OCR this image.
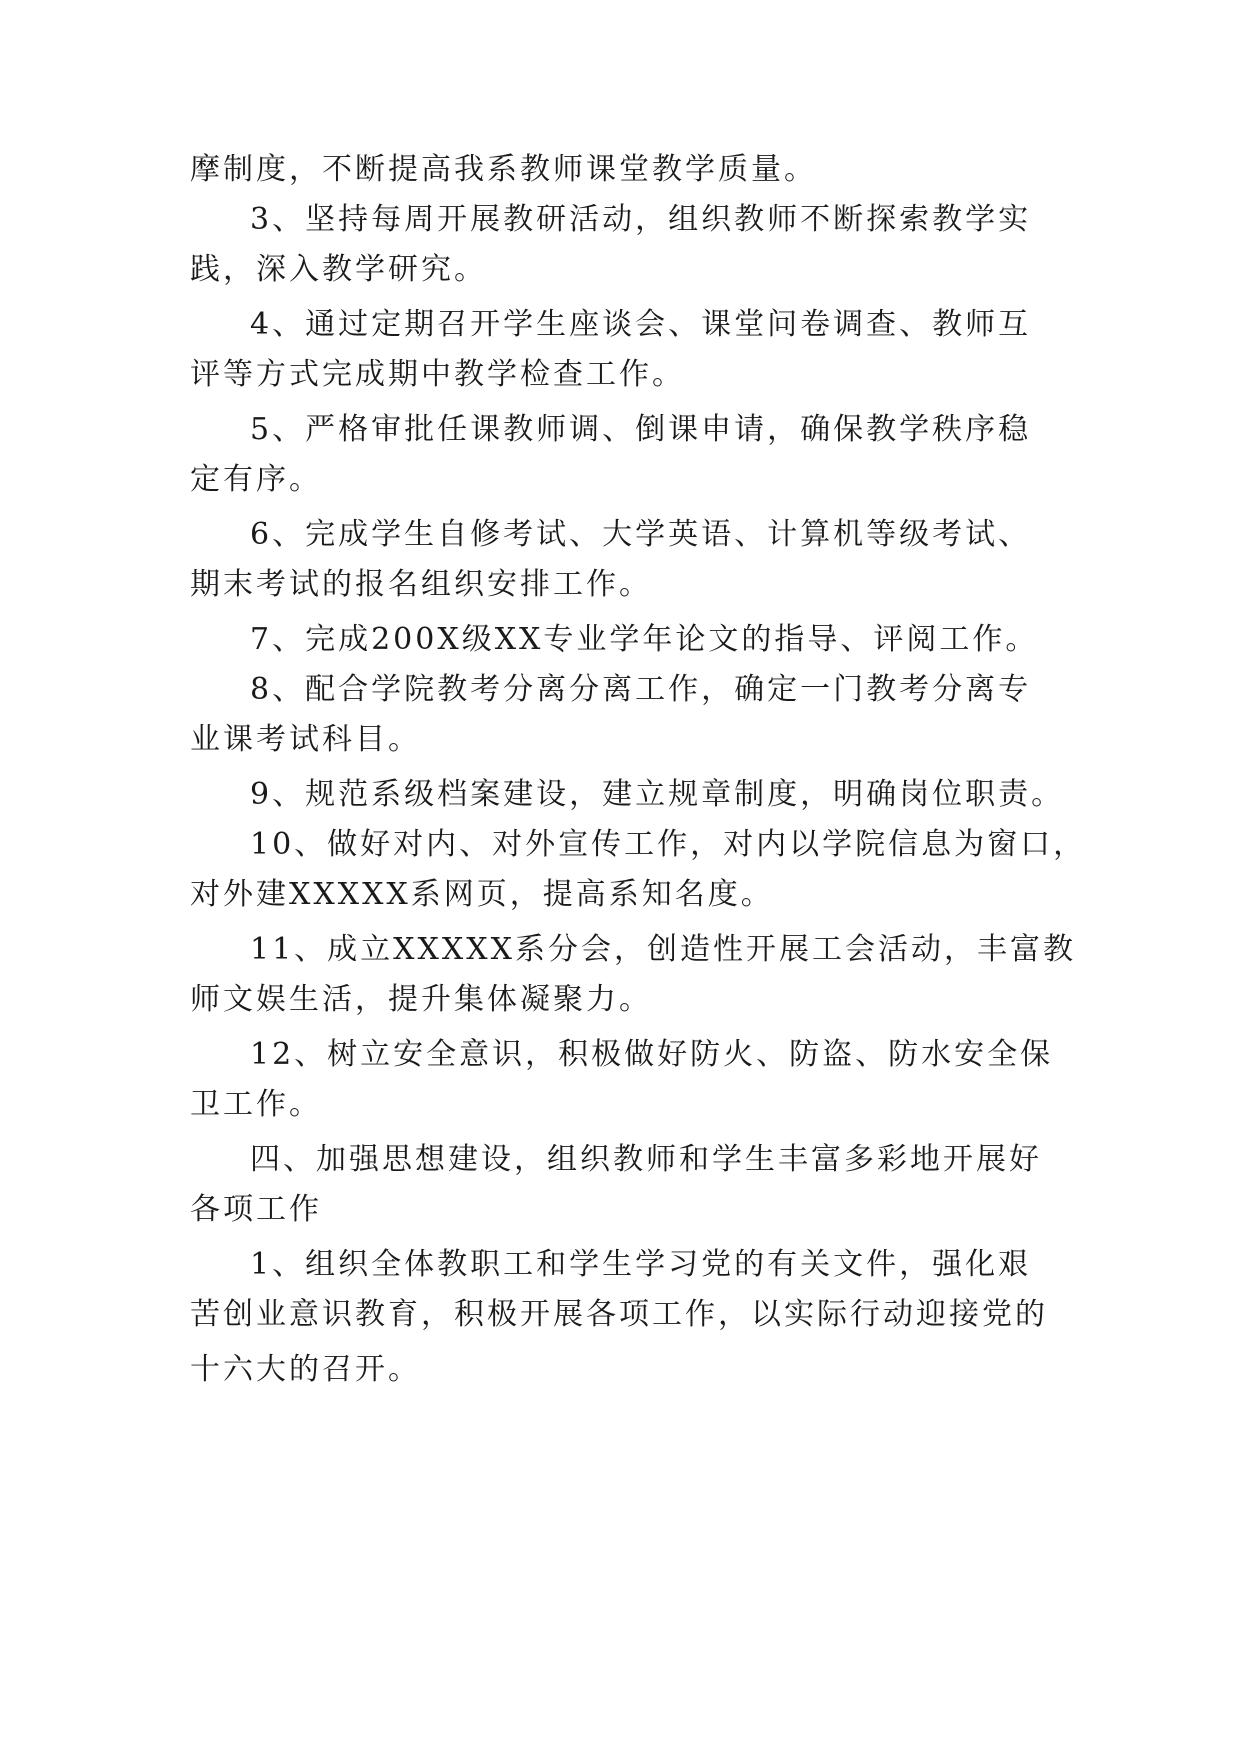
摩制度，不断提高我系教师课堂教学质量。
3、坚持每周开展教研活动，组织教师不断探索教学实
践，深入教学研究。
4、通过定期召开学生座谈会、课堂问卷调查、教师互
评等方式完成期中教学检查工作。
5、严格审批任课教师调、倒课申请，确保教学秩序稳
定有序。
6、完成学生自修考试、大学英语、计算机等级考试、
期末考试的报名组织安排工作。
7、完成200X级XX专业学年论文的指导、评阅工作。
8、配合学院教考分离分离工作，确定一门教考分离专
业课考试科目。
9、规范系级档案建设，建立规章制度，明确岗位职责。
10、做好对内、对外宣传工作，对内以学院信息为窗口，
对外建XXXXX系网页，提高系知名度。
11、成立XXXXX系分会，创造性开展工会活动，丰富教
师文娱生活，提升集体凝聚力。
12、树立安全意识，积极做好防火、防盗、防水安全保
卫工作。
四、加强思想建设，组织教师和学生丰富多彩地开展好
各项工作
1、组织全体教职工和学生学习党的有关文件，强化艰
苦创业意识教育，积极开展各项工作，以实际行动迎接党的
十六大的召开。
